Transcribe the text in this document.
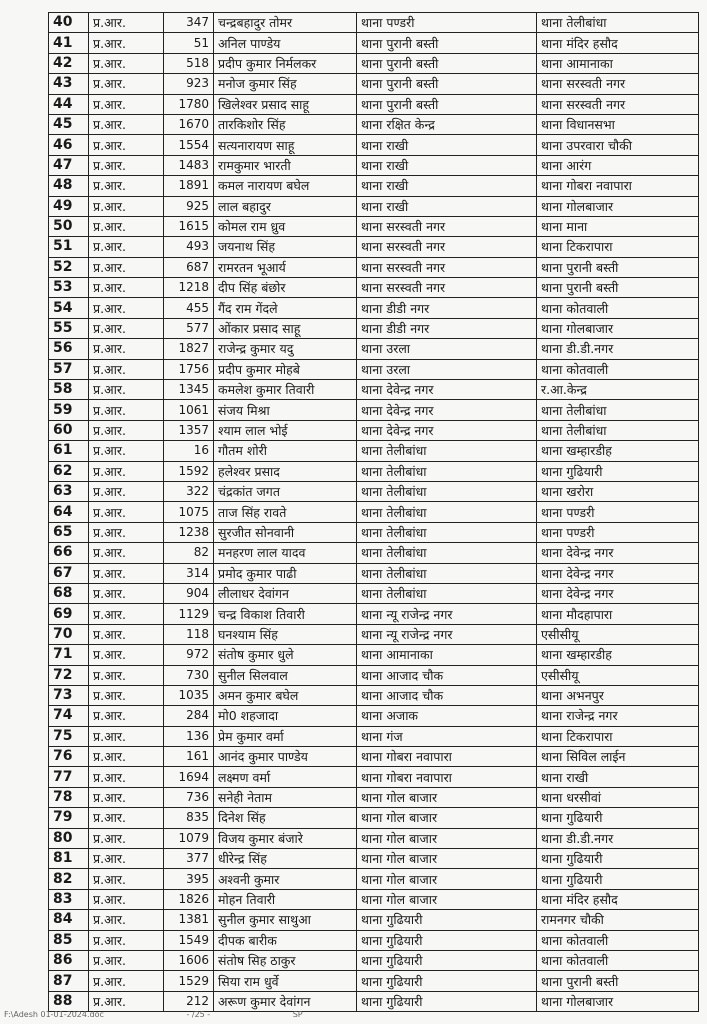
40	प्र.आर.	347	चन्द्रबहादुर तोमर	थाना पण्डरी	थाना तेलीबांधा
41	प्र.आर.	51	अनिल पाण्डेय	थाना पुरानी बस्ती	थाना मंदिर हसौद
42	प्र.आर.	518	प्रदीप कुमार निर्मलकर	थाना पुरानी बस्ती	थाना आमानाका
43	प्र.आर.	923	मनोज कुमार सिंह	थाना पुरानी बस्ती	थाना सरस्वती नगर
44	प्र.आर.	1780	खिलेश्वर प्रसाद साहू	थाना पुरानी बस्ती	थाना सरस्वती नगर
45	प्र.आर.	1670	तारकिशोर सिंह	थाना रक्षित केन्द्र	थाना विधानसभा
46	प्र.आर.	1554	सत्यनारायण साहू	थाना राखी	थाना उपरवारा चौकी
47	प्र.आर.	1483	रामकुमार भारती	थाना राखी	थाना आरंग
48	प्र.आर.	1891	कमल नारायण बघेल	थाना राखी	थाना गोबरा नवापारा
49	प्र.आर.	925	लाल बहादुर	थाना राखी	थाना गोलबाजार
50	प्र.आर.	1615	कोमल राम ध्रुव	थाना सरस्वती नगर	थाना माना
51	प्र.आर.	493	जयनाथ सिंह	थाना सरस्वती नगर	थाना टिकरापारा
52	प्र.आर.	687	रामरतन भूआर्य	थाना सरस्वती नगर	थाना पुरानी बस्ती
53	प्र.आर.	1218	दीप सिंह बंछोर	थाना सरस्वती नगर	थाना पुरानी बस्ती
54	प्र.आर.	455	गैंद राम गेंदले	थाना डीडी नगर	थाना कोतवाली
55	प्र.आर.	577	ओंकार प्रसाद साहू	थाना डीडी नगर	थाना गोलबाजार
56	प्र.आर.	1827	राजेन्द्र कुमार यदु	थाना उरला	थाना डी.डी.नगर
57	प्र.आर.	1756	प्रदीप कुमार मोहबे	थाना उरला	थाना कोतवाली
58	प्र.आर.	1345	कमलेश कुमार तिवारी	थाना देवेन्द्र नगर	र.आ.केन्द्र
59	प्र.आर.	1061	संजय मिश्रा	थाना देवेन्द्र नगर	थाना तेलीबांधा
60	प्र.आर.	1357	श्याम लाल भोई	थाना देवेन्द्र नगर	थाना तेलीबांधा
61	प्र.आर.	16	गौतम शोरी	थाना तेलीबांधा	थाना खम्हारडीह
62	प्र.आर.	1592	हलेश्वर प्रसाद	थाना तेलीबांधा	थाना गुढियारी
63	प्र.आर.	322	चंद्रकांत जगत	थाना तेलीबांधा	थाना खरोरा
64	प्र.आर.	1075	ताज सिंह रावते	थाना तेलीबांधा	थाना पण्डरी
65	प्र.आर.	1238	सुरजीत सोनवानी	थाना तेलीबांधा	थाना पण्डरी
66	प्र.आर.	82	मनहरण लाल यादव	थाना तेलीबांधा	थाना देवेन्द्र नगर
67	प्र.आर.	314	प्रमोद कुमार पाढी	थाना तेलीबांधा	थाना देवेन्द्र नगर
68	प्र.आर.	904	लीलाधर देवांगन	थाना तेलीबांधा	थाना देवेन्द्र नगर
69	प्र.आर.	1129	चन्द्र विकाश तिवारी	थाना न्यू राजेन्द्र नगर	थाना मौदहापारा
70	प्र.आर.	118	घनश्याम सिंह	थाना न्यू राजेन्द्र नगर	एसीसीयू
71	प्र.आर.	972	संतोष कुमार धुले	थाना आमानाका	थाना खम्हारडीह
72	प्र.आर.	730	सुनील सिलवाल	थाना आजाद चौक	एसीसीयू
73	प्र.आर.	1035	अमन कुमार बघेल	थाना आजाद चौक	थाना अभनपुर
74	प्र.आर.	284	मो0 शहजादा	थाना अजाक	थाना राजेन्द्र नगर
75	प्र.आर.	136	प्रेम कुमार वर्मा	थाना गंज	थाना टिकरापारा
76	प्र.आर.	161	आनंद कुमार पाण्डेय	थाना गोबरा नवापारा	थाना सिविल लाईन
77	प्र.आर.	1694	लक्ष्मण वर्मा	थाना गोबरा नवापारा	थाना राखी
78	प्र.आर.	736	सनेही नेताम	थाना गोल बाजार	थाना धरसीवां
79	प्र.आर.	835	दिनेश सिंह	थाना गोल बाजार	थाना गुढियारी
80	प्र.आर.	1079	विजय कुमार बंजारे	थाना गोल बाजार	थाना डी.डी.नगर
81	प्र.आर.	377	धीरेन्द्र सिंह	थाना गोल बाजार	थाना गुढियारी
82	प्र.आर.	395	अश्वनी कुमार	थाना गोल बाजार	थाना गुढियारी
83	प्र.आर.	1826	मोहन तिवारी	थाना गोल बाजार	थाना मंदिर हसौद
84	प्र.आर.	1381	सुनील कुमार साथुआ	थाना गुढियारी	रामनगर चौकी
85	प्र.आर.	1549	दीपक बारीक	थाना गुढियारी	थाना कोतवाली
86	प्र.आर.	1606	संतोष सिह ठाकुर	थाना गुढियारी	थाना कोतवाली
87	प्र.आर.	1529	सिया राम धुर्वे	थाना गुढियारी	थाना पुरानी बस्ती
88	प्र.आर.	212	अरूण कुमार देवांगन	थाना गुढियारी	थाना गोलबाजार
F:\Adesh 01-01-2024.doc	- /25 -	SP
